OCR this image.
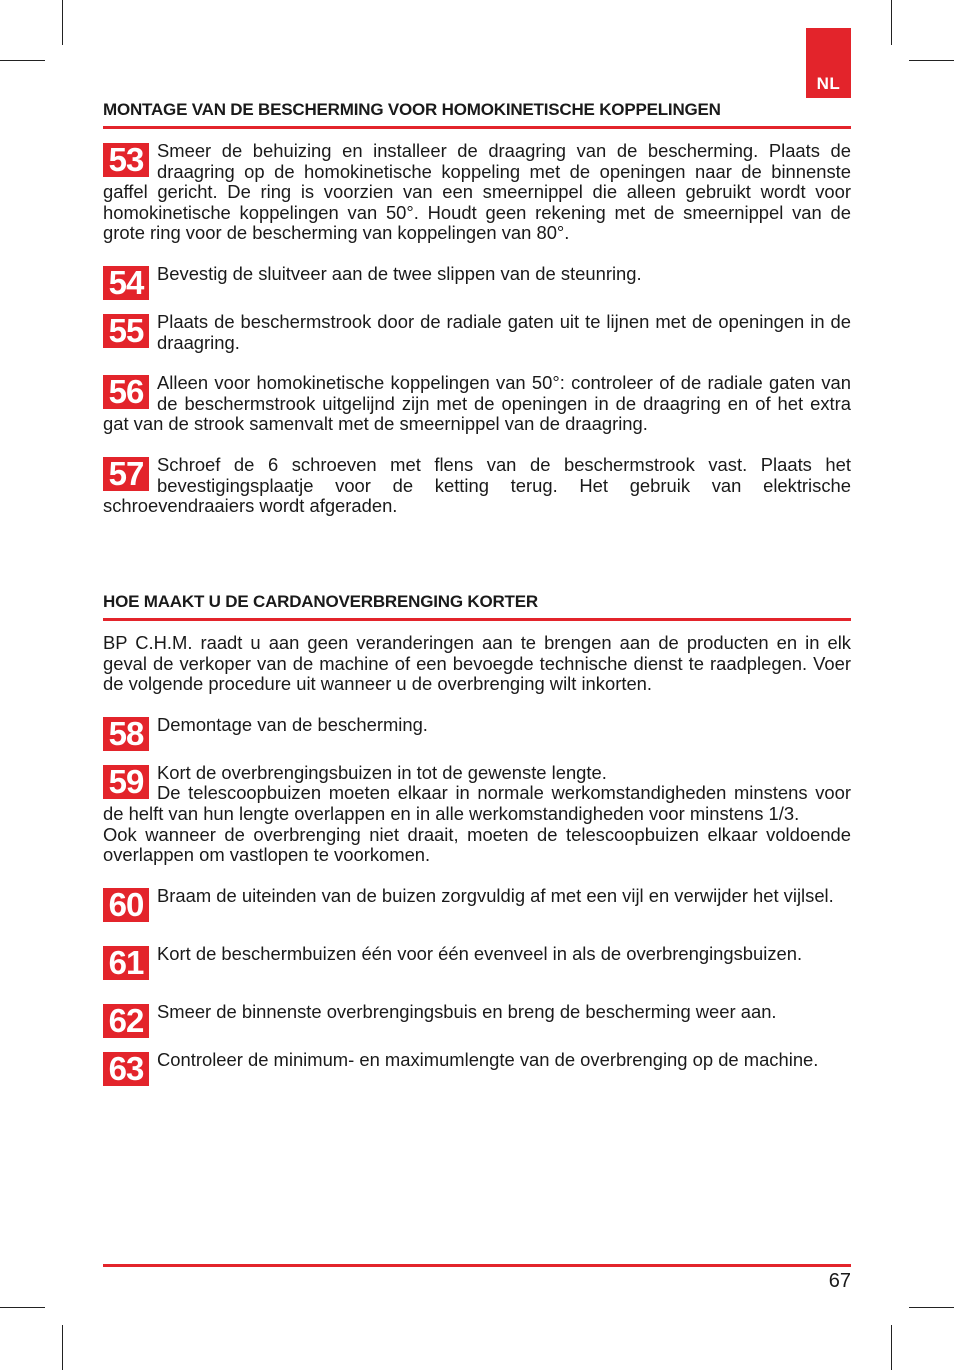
NL
MONTAGE VAN DE BESCHERMING VOOR HOMOKINETISCHE KOPPELINGEN
53 Smeer de behuizing en installeer de draagring van de bescherming. Plaats de draagring op de homokinetische koppeling met de openingen naar de binnenste gaffel gericht. De ring is voorzien van een smeernippel die alleen gebruikt wordt voor homokinetische koppelingen van 50°. Houdt geen rekening met de smeernippel van de grote ring voor de bescherming van koppelingen van 80°.

54 Bevestig de sluitveer aan de twee slippen van de steunring.

55 Plaats de beschermstrook door de radiale gaten uit te lijnen met de openingen in de draagring.

56 Alleen voor homokinetische koppelingen van 50°: controleer of de radiale gaten van de beschermstrook uitgelijnd zijn met de openingen in de draagring en of het extra gat van de strook samenvalt met de smeernippel van de draagring.

57 Schroef de 6 schroeven met flens van de beschermstrook vast. Plaats het bevestigingsplaatje voor de ketting terug. Het gebruik van elektrische schroevendraaiers wordt afgeraden.

HOE MAAKT U DE CARDANOVERBRENGING KORTER

BP C.H.M. raadt u aan geen veranderingen aan te brengen aan de producten en in elk geval de verkoper van de machine of een bevoegde technische dienst te raadplegen. Voer de volgende procedure uit wanneer u de overbrenging wilt inkorten.

58 Demontage van de bescherming.

59 Kort de overbrengingsbuizen in tot de gewenste lengte.

De telescoopbuizen moeten elkaar in normale werkomstandigheden minstens voor de helft van hun lengte overlappen en in alle werkomstandigheden voor minstens 1/3.

Ook wanneer de overbrenging niet draait, moeten de telescoopbuizen elkaar voldoende overlappen om vastlopen te voorkomen.

60 Braam de uiteinden van de buizen zorgvuldig af met een vijl en verwijder het vijlsel.

61 Kort de beschermbuizen één voor één evenveel in als de overbrengingsbuizen.

62 Smeer de binnenste overbrengingsbuis en breng de bescherming weer aan.

63 Controleer de minimum- en maximumlengte van de overbrenging op de machine.

67
